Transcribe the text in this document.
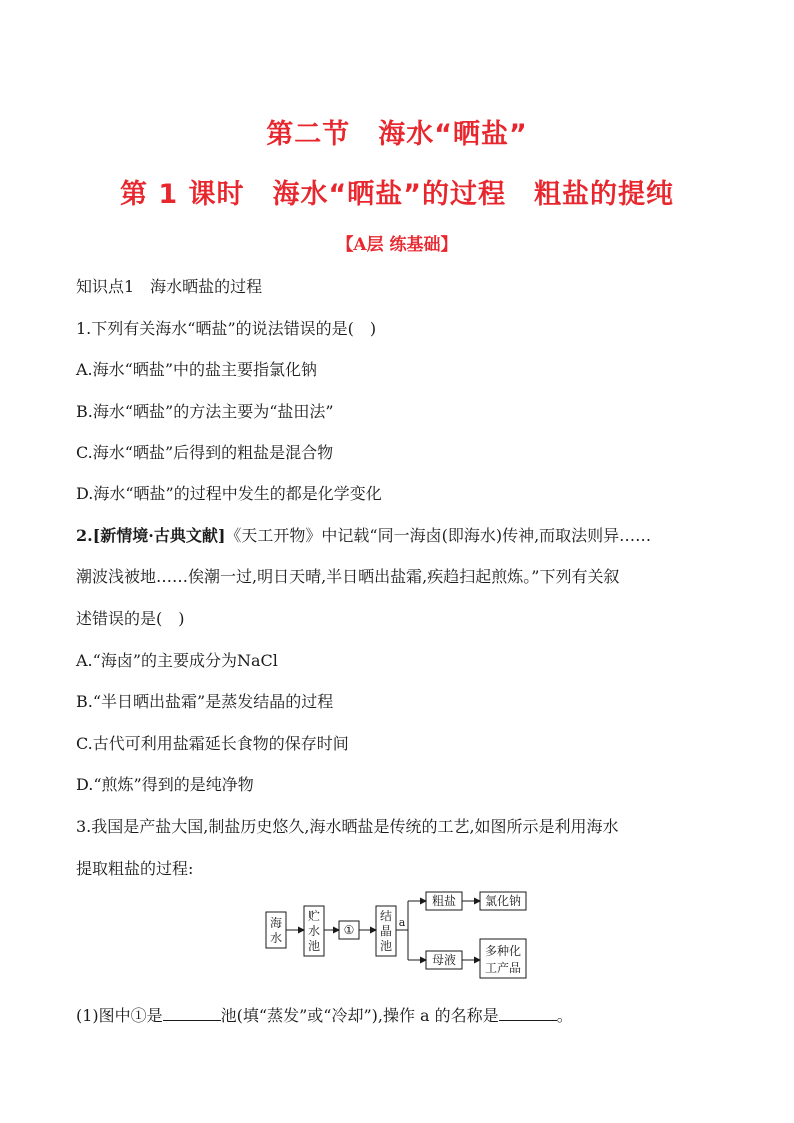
第二节　海水“晒盐”
第 1 课时　海水“晒盐”的过程　粗盐的提纯
【A层 练基础】
知识点1　海水晒盐的过程
1.下列有关海水“晒盐”的说法错误的是(　)
A.海水“晒盐”中的盐主要指氯化钠
B.海水“晒盐”的方法主要为“盐田法”
C.海水“晒盐”后得到的粗盐是混合物
D.海水“晒盐”的过程中发生的都是化学变化
2.[新情境·古典文献]《天工开物》中记载“同一海卤(即海水)传神,而取法则异……
潮波浅被地……俟潮一过,明日天晴,半日晒出盐霜,疾趋扫起煎炼。”下列有关叙
述错误的是(　)
A.“海卤”的主要成分为NaCl
B.“半日晒出盐霜”是蒸发结晶的过程
C.古代可利用盐霜延长食物的保存时间
D.“煎炼”得到的是纯净物
3.我国是产盐大国,制盐历史悠久,海水晒盐是传统的工艺,如图所示是利用海水
提取粗盐的过程:
海
水
贮
水
池
①
结
晶
池
a
粗盐 氯化钠
母液
多种化
工产品
(1)图中①是	池(填“蒸发”或“冷却”),操作 a 的名称是	。
